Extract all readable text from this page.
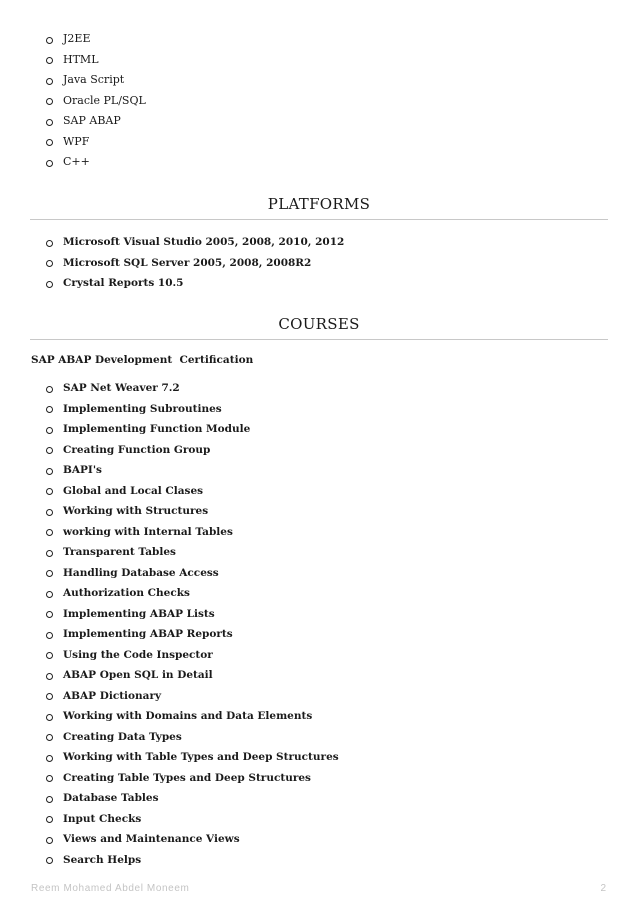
J2EE
HTML
Java Script
Oracle PL/SQL
SAP ABAP
WPF
C++
PLATFORMS
Microsoft Visual Studio 2005, 2008, 2010, 2012
Microsoft SQL Server 2005, 2008, 2008R2
Crystal Reports 10.5
COURSES
SAP ABAP Development  Certification
SAP Net Weaver 7.2
Implementing Subroutines
Implementing Function Module
Creating Function Group
BAPI's
Global and Local Clases
Working with Structures
working with Internal Tables
Transparent Tables
Handling Database Access
Authorization Checks
Implementing ABAP Lists
Implementing ABAP Reports
Using the Code Inspector
ABAP Open SQL in Detail
ABAP Dictionary
Working with Domains and Data Elements
Creating Data Types
Working with Table Types and Deep Structures
Creating Table Types and Deep Structures
Database Tables
Input Checks
Views and Maintenance Views
Search Helps
Reem Mohamed Abdel Moneem	2
